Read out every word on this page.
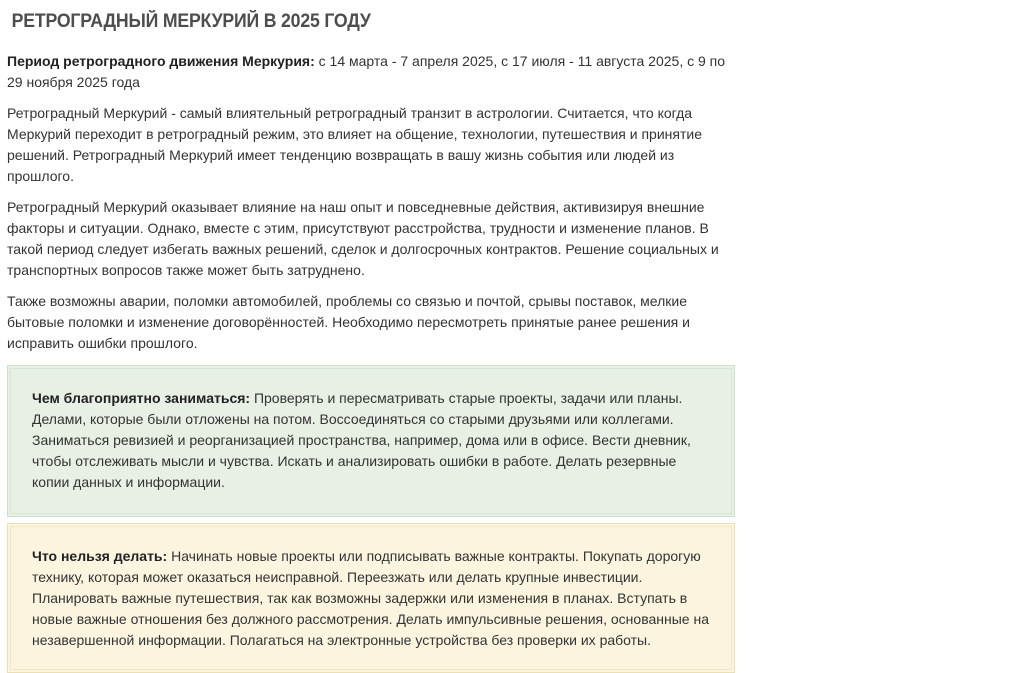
РЕТРОГРАДНЫЙ МЕРКУРИЙ В 2025 ГОДУ

Период ретроградного движения Меркурия: с 14 марта - 7 апреля 2025, с 17 июля - 11 августа 2025, с 9 по 29 ноября 2025 года

Ретроградный Меркурий - самый влиятельный ретроградный транзит в астрологии. Считается, что когда Меркурий переходит в ретроградный режим, это влияет на общение, технологии, путешествия и принятие решений. Ретроградный Меркурий имеет тенденцию возвращать в вашу жизнь события или людей из прошлого.

Ретроградный Меркурий оказывает влияние на наш опыт и повседневные действия, активизируя внешние факторы и ситуации. Однако, вместе с этим, присутствуют расстройства, трудности и изменение планов. В такой период следует избегать важных решений, сделок и долгосрочных контрактов. Решение социальных и транспортных вопросов также может быть затруднено.

Также возможны аварии, поломки автомобилей, проблемы со связью и почтой, срывы поставок, мелкие бытовые поломки и изменение договорённостей. Необходимо пересмотреть принятые ранее решения и исправить ошибки прошлого.

Чем благоприятно заниматься: Проверять и пересматривать старые проекты, задачи или планы. Делами, которые были отложены на потом. Воссоединяться со старыми друзьями или коллегами. Заниматься ревизией и реорганизацией пространства, например, дома или в офисе. Вести дневник, чтобы отслеживать мысли и чувства. Искать и анализировать ошибки в работе. Делать резервные копии данных и информации.
Что нельзя делать: Начинать новые проекты или подписывать важные контракты. Покупать дорогую технику, которая может оказаться неисправной. Переезжать или делать крупные инвестиции. Планировать важные путешествия, так как возможны задержки или изменения в планах. Вступать в новые важные отношения без должного рассмотрения. Делать импульсивные решения, основанные на незавершенной информации. Полагаться на электронные устройства без проверки их работы.
